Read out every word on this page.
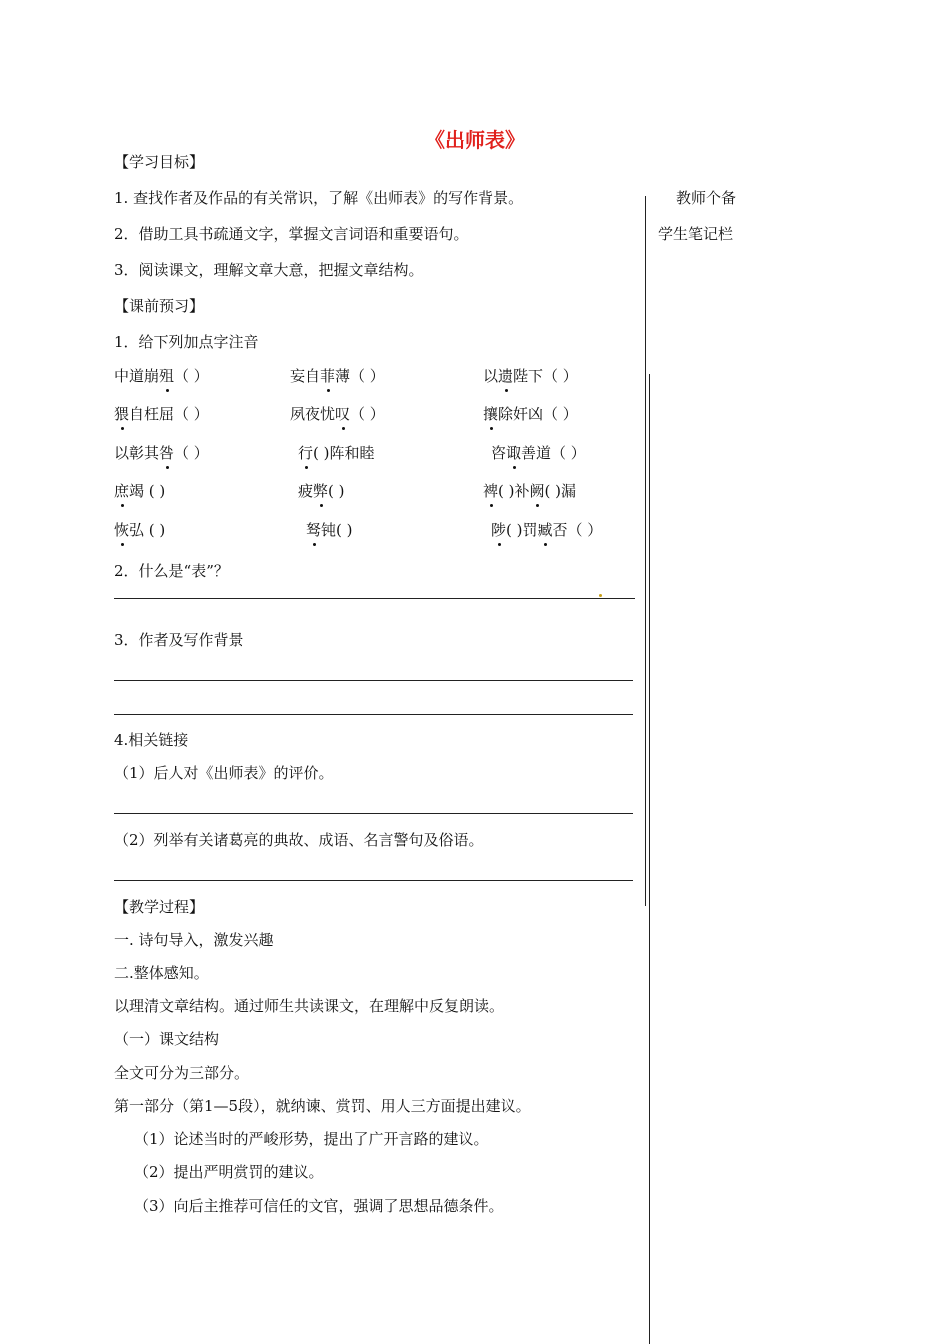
《出师表》
教师个备
学生笔记栏
【学习目标】
1. 查找作者及作品的有关常识，了解《出师表》的写作背景。
2．借助工具书疏通文字，掌握文言词语和重要语句。
3．阅读课文，理解文章大意，把握文章结构。
【课前预习】
1．给下列加点字注音
中道崩殂（ ）	妄自菲薄（ ）	以遗陛下（ ）
猥自枉屈（ ）	夙夜忧叹（ ）	攘除奸凶（ ）
以彰其咎（ ）	行( )阵和睦	咨诹善道（ ）
庶竭 ( )	疲弊( )	裨( )补阙( )漏
恢弘 ( )	驽钝( )	陟( )罚臧否（ ）
2．什么是“表”？
3．作者及写作背景
4.相关链接
（1）后人对《出师表》的评价。
（2）列举有关诸葛亮的典故、成语、名言警句及俗语。
【教学过程】
一. 诗句导入，激发兴趣
二.整体感知。
以理清文章结构。通过师生共读课文，在理解中反复朗读。
（一）课文结构
全文可分为三部分。
第一部分（第1—5段），就纳谏、赏罚、用人三方面提出建议。
（1）论述当时的严峻形势，提出了广开言路的建议。
（2）提出严明赏罚的建议。
（3）向后主推荐可信任的文官，强调了思想品德条件。
